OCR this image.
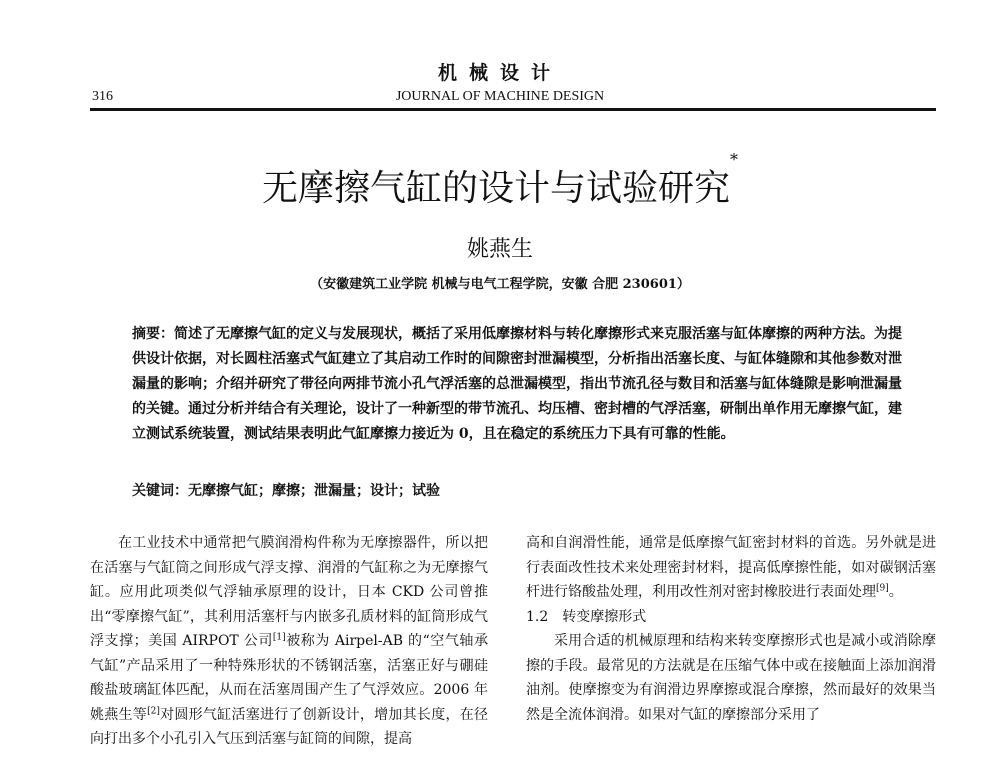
机械设计
316	JOURNAL OF MACHINE DESIGN
无摩擦气缸的设计与试验研究*
姚燕生
（安徽建筑工业学院 机械与电气工程学院，安徽 合肥 230601）
摘要：简述了无摩擦气缸的定义与发展现状，概括了采用低摩擦材料与转化摩擦形式来克服活塞与缸体摩擦的两种方法。为提供设计依据，对长圆柱活塞式气缸建立了其启动工作时的间隙密封泄漏模型，分析指出活塞长度、与缸体缝隙和其他参数对泄漏量的影响；介绍并研究了带径向两排节流小孔气浮活塞的总泄漏模型，指出节流孔径与数目和活塞与缸体缝隙是影响泄漏量的关键。通过分析并结合有关理论，设计了一种新型的带节流孔、均压槽、密封槽的气浮活塞，研制出单作用无摩擦气缸，建立测试系统装置，测试结果表明此气缸摩擦力接近为 0，且在稳定的系统压力下具有可靠的性能。
关键词：无摩擦气缸；摩擦；泄漏量；设计；试验

在工业技术中通常把气膜润滑构件称为无摩擦器件，所以把在活塞与气缸筒之间形成气浮支撑、润滑的气缸称之为无摩擦气缸。应用此项类似气浮轴承原理的设计，日本 CKD 公司曾推出“零摩擦气缸”，其利用活塞杆与内嵌多孔质材料的缸筒形成气浮支撑；美国 AIRPOT 公司[1]被称为 Airpel-AB 的“空气轴承气缸”产品采用了一种特殊形状的不锈钢活塞，活塞正好与硼硅酸盐玻璃缸体匹配，从而在活塞周围产生了气浮效应。2006 年姚燕生等[2]对圆形气缸活塞进行了创新设计，增加其长度，在径向打出多个小孔引入气压到活塞与缸筒的间隙，提高

高和自润滑性能，通常是低摩擦气缸密封材料的首选。另外就是进行表面改性技术来处理密封材料，提高低摩擦性能，如对碳钢活塞杆进行铬酸盐处理，利用改性剂对密封橡胶进行表面处理[9]。

1.2　转变摩擦形式

采用合适的机械原理和结构来转变摩擦形式也是减小或消除摩擦的手段。最常见的方法就是在压缩气体中或在接触面上添加润滑油剂。使摩擦变为有润滑边界摩擦或混合摩擦，然而最好的效果当然是全流体润滑。如果对气缸的摩擦部分采用了
